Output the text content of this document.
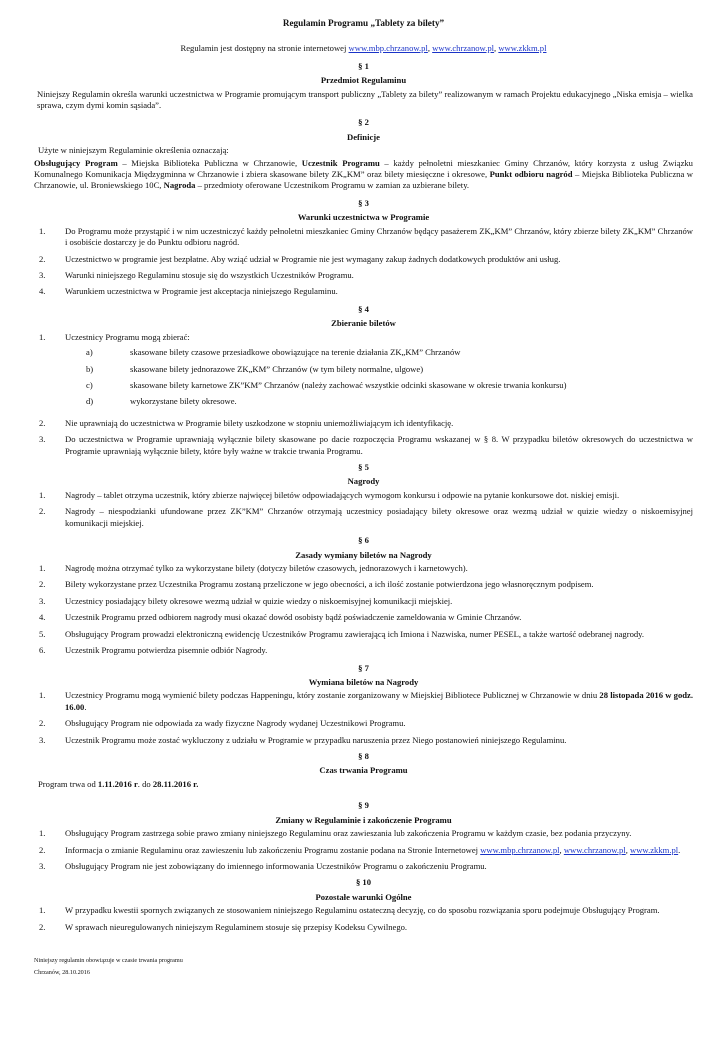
Regulamin Programu „Tablety za bilety”
Regulamin jest dostępny na stronie internetowej www.mbp.chrzanow.pl, www.chrzanow.pl, www.zkkm.pl
§ 1
Przedmiot Regulaminu

Niniejszy Regulamin określa warunki uczestnictwa w Programie promującym transport publiczny „Tablety za bilety” realizowanym w ramach Projektu edukacyjnego „Niska emisja – wielka sprawa, czym dymi komin sąsiada”.

§ 2
Definicje

Użyte w niniejszym Regulaminie określenia oznaczają:

Obsługujący Program – Miejska Biblioteka Publiczna w Chrzanowie, Uczestnik Programu – każdy pełnoletni mieszkaniec Gminy Chrzanów, który korzysta z usług Związku Komunalnego Komunikacja Międzygminna w Chrzanowie i zbiera skasowane bilety ZK„KM” oraz bilety miesięczne i okresowe, Punkt odbioru nagród – Miejska Biblioteka Publiczna w Chrzanowie, ul. Broniewskiego 10C, Nagroda – przedmioty oferowane Uczestnikom Programu w zamian za uzbierane bilety.

§ 3
Warunki uczestnictwa w Programie
1.	Do Programu może przystąpić i w nim uczestniczyć każdy pełnoletni mieszkaniec Gminy Chrzanów będący pasażerem ZK„KM” Chrzanów, który zbierze bilety ZK„KM” Chrzanów i osobiście dostarczy je do Punktu odbioru nagród.
2.	Uczestnictwo w programie jest bezpłatne. Aby wziąć udział w Programie nie jest wymagany zakup żadnych dodatkowych produktów ani usług.
3.	Warunki niniejszego Regulaminu stosuje się do wszystkich Uczestników Programu.
4.	Warunkiem uczestnictwa w Programie jest akceptacja niniejszego Regulaminu.
§ 4
Zbieranie biletów
1.	Uczestnicy Programu mogą zbierać:
a)	skasowane bilety czasowe przesiadkowe obowiązujące na terenie działania ZK„KM” Chrzanów
b)	skasowane bilety jednorazowe ZK„KM” Chrzanów (w tym bilety normalne, ulgowe)
c)	skasowane bilety karnetowe ZK”KM” Chrzanów (należy zachować wszystkie odcinki skasowane w okresie trwania konkursu)
d)	wykorzystane bilety okresowe.
2.	Nie uprawniają do uczestnictwa w Programie bilety uszkodzone w stopniu uniemożliwiającym ich identyfikację.
3.	Do uczestnictwa w Programie uprawniają wyłącznie bilety skasowane po dacie rozpoczęcia Programu wskazanej w § 8. W przypadku biletów okresowych do uczestnictwa w Programie uprawniają wyłącznie bilety, które były ważne w trakcie trwania Programu.
§ 5
Nagrody
1.	Nagrody – tablet otrzyma uczestnik, który zbierze najwięcej biletów odpowiadających wymogom konkursu i odpowie na pytanie konkursowe dot. niskiej emisji.
2.	Nagrody – niespodzianki ufundowane przez ZK”KM” Chrzanów otrzymają uczestnicy posiadający bilety okresowe oraz wezmą udział w quizie wiedzy o niskoemisyjnej komunikacji miejskiej.
§ 6
Zasady wymiany biletów na Nagrody
1.	Nagrodę można otrzymać tylko za wykorzystane bilety (dotyczy biletów czasowych, jednorazowych i karnetowych).
2.	Bilety wykorzystane przez Uczestnika Programu zostaną przeliczone w jego obecności, a ich ilość zostanie potwierdzona jego własnoręcznym podpisem.
3.	Uczestnicy posiadający bilety okresowe wezmą udział w quizie wiedzy o niskoemisyjnej komunikacji miejskiej.
4.	Uczestnik Programu przed odbiorem nagrody musi okazać dowód osobisty bądź poświadczenie zameldowania w Gminie Chrzanów.
5.	Obsługujący Program prowadzi elektroniczną ewidencję Uczestników Programu zawierającą ich Imiona i Nazwiska, numer PESEL, a także wartość odebranej nagrody.
6.	Uczestnik Programu potwierdza pisemnie odbiór Nagrody.
§ 7
Wymiana biletów na Nagrody
1.	Uczestnicy Programu mogą wymienić bilety podczas Happeningu, który zostanie zorganizowany w Miejskiej Bibliotece Publicznej w Chrzanowie w dniu 28 listopada 2016 w godz. 16.00.
2.	Obsługujący Program nie odpowiada za wady fizyczne Nagrody wydanej Uczestnikowi Programu.
3.	Uczestnik Programu może zostać wykluczony z udziału w Programie w przypadku naruszenia przez Niego postanowień niniejszego Regulaminu.
§ 8
Czas trwania Programu

Program trwa od 1.11.2016 r. do 28.11.2016 r.

§ 9
Zmiany w Regulaminie i zakończenie Programu
1.	Obsługujący Program zastrzega sobie prawo zmiany niniejszego Regulaminu oraz zawieszania lub zakończenia Programu w każdym czasie, bez podania przyczyny.
2.	Informacja o zmianie Regulaminu oraz zawieszeniu lub zakończeniu Programu zostanie podana na Stronie Internetowej www.mbp.chrzanow.pl, www.chrzanow.pl, www.zkkm.pl.
3.	Obsługujący Program nie jest zobowiązany do imiennego informowania Uczestników Programu o zakończeniu Programu.
§ 10
Pozostałe warunki Ogólne
1.	W przypadku kwestii spornych związanych ze stosowaniem niniejszego Regulaminu ostateczną decyzję, co do sposobu rozwiązania sporu podejmuje Obsługujący Program.
2.	W sprawach nieuregulowanych niniejszym Regulaminem stosuje się przepisy Kodeksu Cywilnego.
Niniejszy regulamin obowiązuje w czasie trwania programu
Chrzanów, 28.10.2016
